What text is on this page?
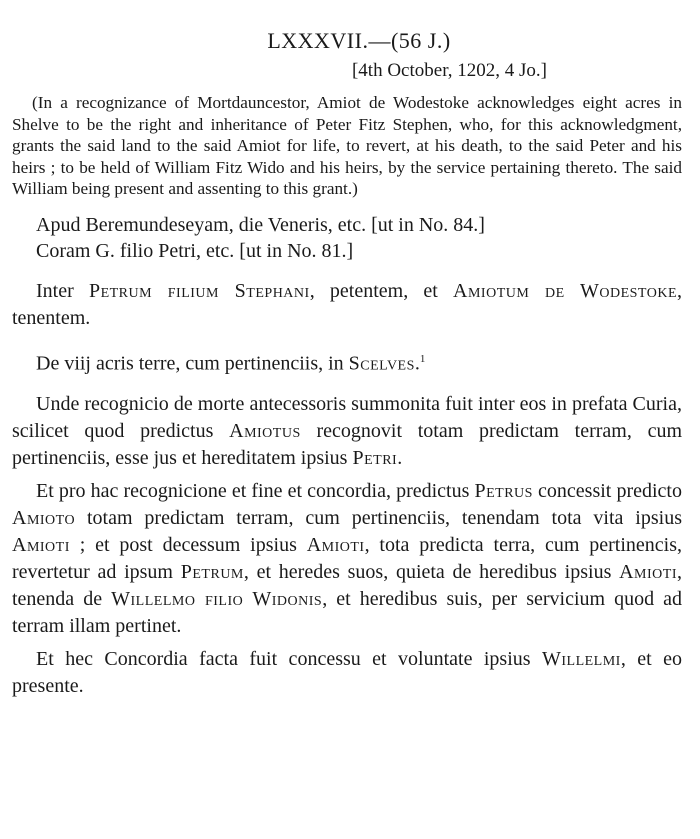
LXXXVII.—(56 J.)
[4th October, 1202, 4 Jo.]

(In a recognizance of Mortdauncestor, Amiot de Wodestoke acknowledges eight acres in Shelve to be the right and inheritance of Peter Fitz Stephen, who, for this acknowledgment, grants the said land to the said Amiot for life, to revert, at his death, to the said Peter and his heirs ; to be held of William Fitz Wido and his heirs, by the service pertaining thereto. The said William being present and assenting to this grant.)

Apud Beremundeseyam, die Veneris, etc. [ut in No. 84.]
Coram G. filio Petri, etc. [ut in No. 81.]

Inter Petrum filium Stephani, petentem, et Amiotum de Wodestoke, tenentem.

De viij acris terre, cum pertinenciis, in Scelves.$^1$

Unde recognicio de morte antecessoris summonita fuit inter eos in prefata Curia, scilicet quod predictus Amiotus recognovit totam predictam terram, cum pertinenciis, esse jus et hereditatem ipsius Petri.

Et pro hac recognicione et fine et concordia, predictus Petrus concessit predicto Amioto totam predictam terram, cum pertinenciis, tenendam tota vita ipsius Amioti ; et post decessum ipsius Amioti, tota predicta terra, cum pertinencis, revertetur ad ipsum Petrum, et heredes suos, quieta de heredibus ipsius Amioti, tenenda de Willelmo filio Widonis, et heredibus suis, per servicium quod ad terram illam pertinet.

Et hec Concordia facta fuit concessu et voluntate ipsius Willelmi, et eo presente.
